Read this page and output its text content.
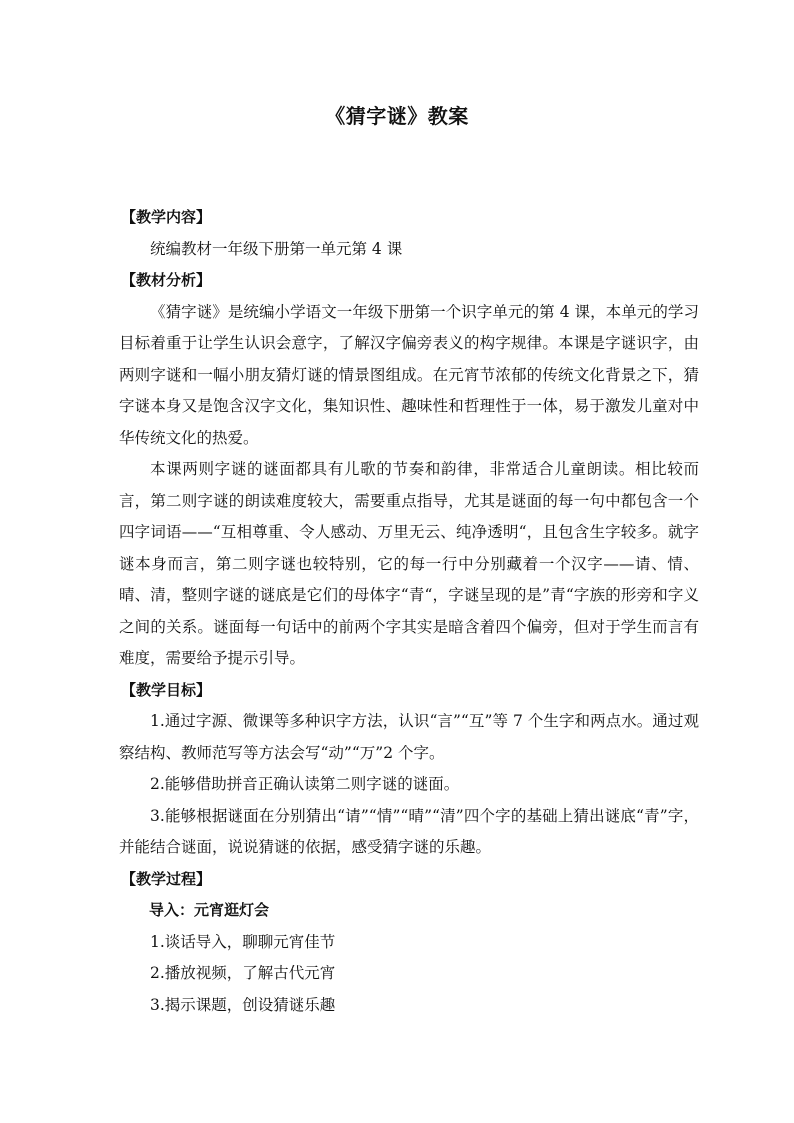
《猜字谜》教案

【教学内容】

统编教材一年级下册第一单元第 4 课

【教材分析】

《猜字谜》是统编小学语文一年级下册第一个识字单元的第 4 课，本单元的学习目标着重于让学生认识会意字，了解汉字偏旁表义的构字规律。本课是字谜识字，由两则字谜和一幅小朋友猜灯谜的情景图组成。在元宵节浓郁的传统文化背景之下，猜字谜本身又是饱含汉字文化，集知识性、趣味性和哲理性于一体，易于激发儿童对中华传统文化的热爱。

本课两则字谜的谜面都具有儿歌的节奏和韵律，非常适合儿童朗读。相比较而言，第二则字谜的朗读难度较大，需要重点指导，尤其是谜面的每一句中都包含一个四字词语——“互相尊重、令人感动、万里无云、纯净透明“，且包含生字较多。就字谜本身而言，第二则字谜也较特别，它的每一行中分别藏着一个汉字——请、情、晴、清，整则字谜的谜底是它们的母体字“青“，字谜呈现的是”青“字族的形旁和字义之间的关系。谜面每一句话中的前两个字其实是暗含着四个偏旁，但对于学生而言有难度，需要给予提示引导。

【教学目标】

1.通过字源、微课等多种识字方法，认识“言”“互”等 7 个生字和两点水。通过观察结构、教师范写等方法会写“动”“万”2 个字。

2.能够借助拼音正确认读第二则字谜的谜面。

3.能够根据谜面在分别猜出“请”“情”“晴”“清”四个字的基础上猜出谜底“青”字，并能结合谜面，说说猜谜的依据，感受猜字谜的乐趣。

【教学过程】

导入：元宵逛灯会

1.谈话导入，聊聊元宵佳节

2.播放视频，了解古代元宵

3.揭示课题，创设猜谜乐趣
